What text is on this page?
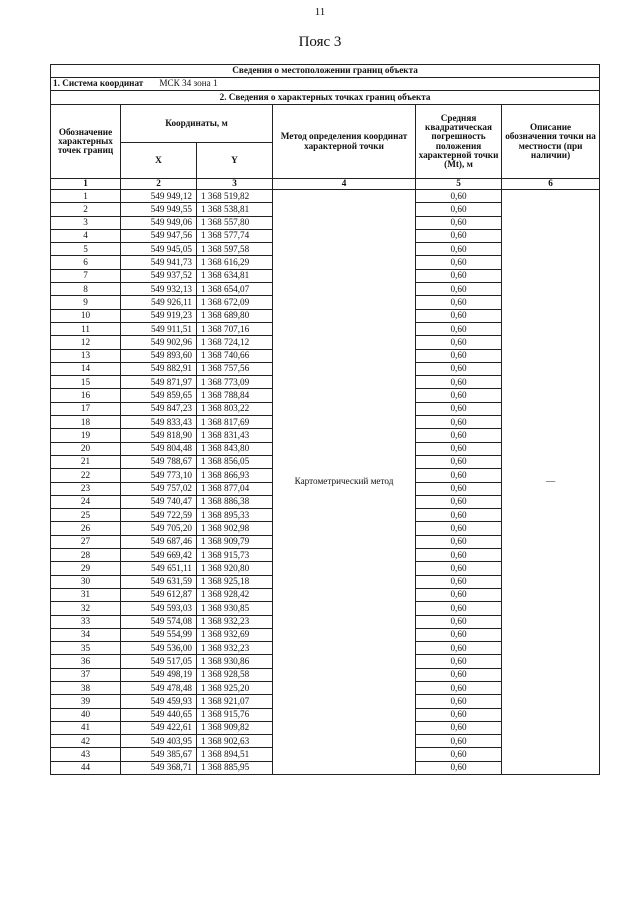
11
Пояс 3
Сведения о местоположении границ объекта					
1. Система координат МСК 34 зона 1					
2. Сведения о характерных точках границ объекта					
Обозначение характерных точек границ	Координаты, м		Метод определения координат характерной точки	Средняя квадратическая погрешность положения характерной точки (Mt), м	Описание обозначения точки на местности (при наличии)
	X	Y			
1	2	3	4	5	6
1	549 949,12	1 368 519,82	Картометрический метод	0,60	—
2	549 949,55	1 368 538,81		0,60	
3	549 949,06	1 368 557,80		0,60	
4	549 947,56	1 368 577,74		0,60	
5	549 945,05	1 368 597,58		0,60	
6	549 941,73	1 368 616,29		0,60	
7	549 937,52	1 368 634,81		0,60	
8	549 932,13	1 368 654,07		0,60	
9	549 926,11	1 368 672,09		0,60	
10	549 919,23	1 368 689,80		0,60	
11	549 911,51	1 368 707,16		0,60	
12	549 902,96	1 368 724,12		0,60	
13	549 893,60	1 368 740,66		0,60	
14	549 882,91	1 368 757,56		0,60	
15	549 871,97	1 368 773,09		0,60	
16	549 859,65	1 368 788,84		0,60	
17	549 847,23	1 368 803,22		0,60	
18	549 833,43	1 368 817,69		0,60	
19	549 818,90	1 368 831,43		0,60	
20	549 804,48	1 368 843,80		0,60	
21	549 788,67	1 368 856,05		0,60	
22	549 773,10	1 368 866,93		0,60	
23	549 757,02	1 368 877,04		0,60	
24	549 740,47	1 368 886,38		0,60	
25	549 722,59	1 368 895,33		0,60	
26	549 705,20	1 368 902,98		0,60	
27	549 687,46	1 368 909,79		0,60	
28	549 669,42	1 368 915,73		0,60	
29	549 651,11	1 368 920,80		0,60	
30	549 631,59	1 368 925,18		0,60	
31	549 612,87	1 368 928,42		0,60	
32	549 593,03	1 368 930,85		0,60	
33	549 574,08	1 368 932,23		0,60	
34	549 554,99	1 368 932,69		0,60	
35	549 536,00	1 368 932,23		0,60	
36	549 517,05	1 368 930,86		0,60	
37	549 498,19	1 368 928,58		0,60	
38	549 478,48	1 368 925,20		0,60	
39	549 459,93	1 368 921,07		0,60	
40	549 440,65	1 368 915,76		0,60	
41	549 422,61	1 368 909,82		0,60	
42	549 403,95	1 368 902,63		0,60	
43	549 385,67	1 368 894,51		0,60	
44	549 368,71	1 368 885,95		0,60	
